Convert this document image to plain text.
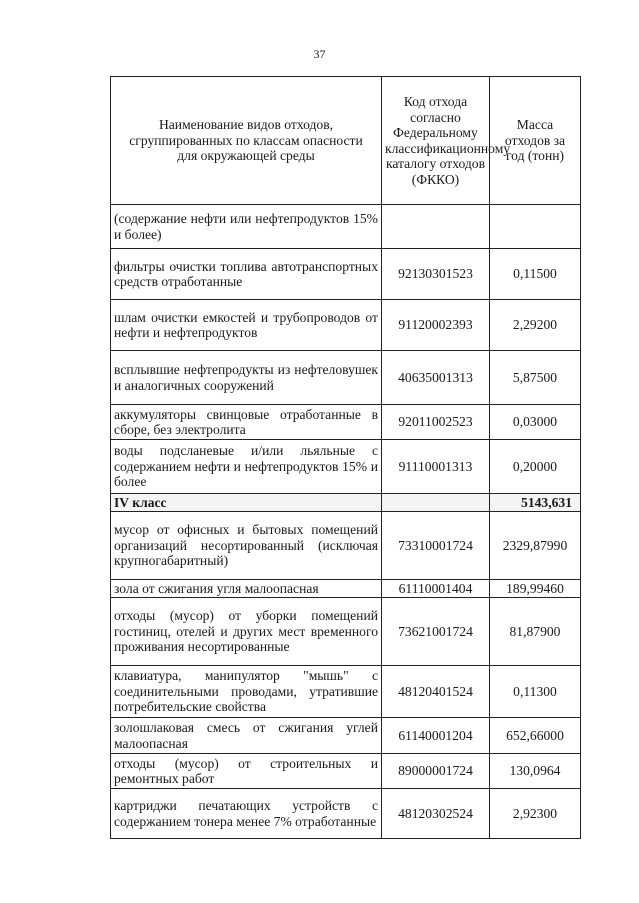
37
Наименование видов отходов, сгруппированных по классам опасности для окружающей среды	Код отхода согласно Федеральному классификационному каталогу отходов (ФККО)	Масса отходов за год (тонн)
(содержание нефти или нефтепродуктов 15% и более)		
фильтры очистки топлива автотранспортных средств отработанные	92130301523	0,11500
шлам очистки емкостей и трубопроводов от нефти и нефтепродуктов	91120002393	2,29200
всплывшие нефтепродукты из нефтеловушек и аналогичных сооружений	40635001313	5,87500
аккумуляторы свинцовые отработанные в сборе, без электролита	92011002523	0,03000
воды подсланевые и/или льяльные с содержанием нефти и нефтепродуктов 15% и более	91110001313	0,20000
IV класс		5143,631
мусор от офисных и бытовых помещений организаций несортированный (исключая крупногабаритный)	73310001724	2329,87990
зола от сжигания угля малоопасная	61110001404	189,99460
отходы (мусор) от уборки помещений гостиниц, отелей и других мест временного проживания несортированные	73621001724	81,87900
клавиатура, манипулятор "мышь" с соединительными проводами, утратившие потребительские свойства	48120401524	0,11300
золошлаковая смесь от сжигания углей малоопасная	61140001204	652,66000
отходы (мусор) от строительных и ремонтных работ	89000001724	130,0964
картриджи печатающих устройств с содержанием тонера менее 7% отработанные	48120302524	2,92300
